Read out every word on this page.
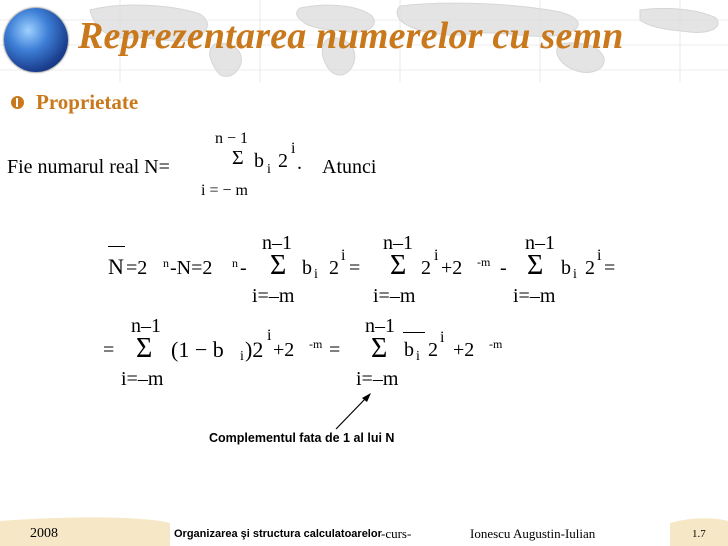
Reprezentarea numerelor cu semn
Proprietate
n − 1
Σ
i = − m
Fie numarul real N=	b i 2
i
. Atunci
N =2 n -N=2 n -
n–1
Σ
i=–m
b i 2
i
=
n–1
Σ
i=–m
2
i
+2 -m -
n–1
Σ
i=–m
b i 2
i
=
=
n–1
Σ
i=–m
(1 − b i )2
i
+2 -m =
n–1
Σ
i=–m
b i 2
i
+2 -m
Complementul fata de 1 al lui N
2008	Organizarea şi structura calculatoarelor -curs-	Ionescu Augustin-Iulian	1.7
